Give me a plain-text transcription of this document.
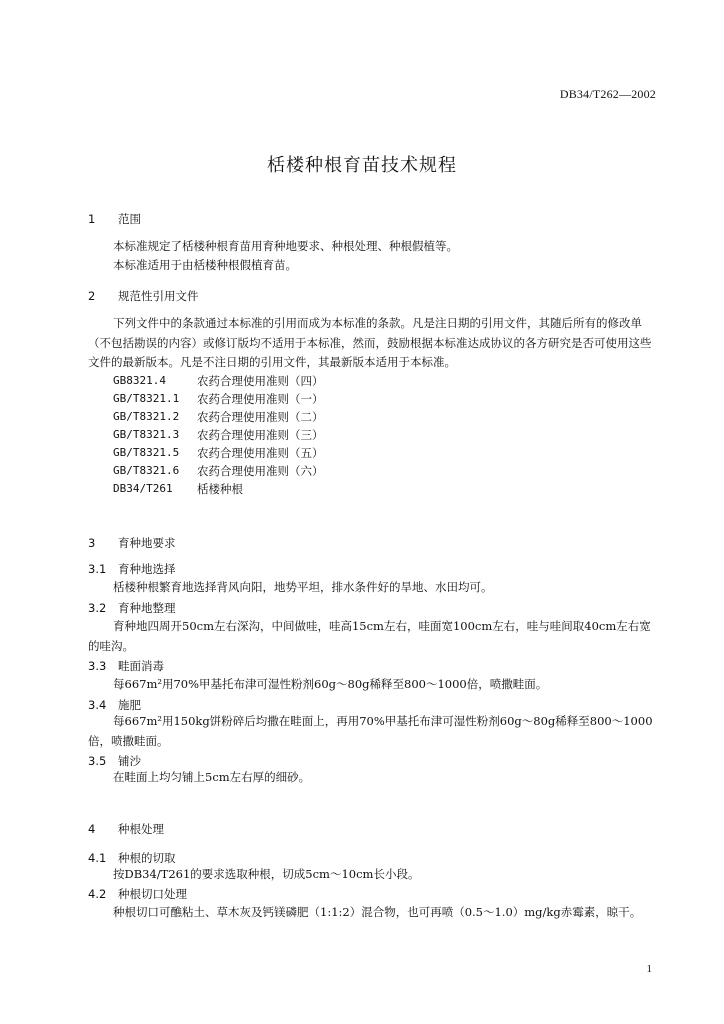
DB34/T262—2002
栝楼种根育苗技术规程
1 范围
本标准规定了栝楼种根育苗用育种地要求、种根处理、种根假植等。
本标准适用于由栝楼种根假植育苗。
2 规范性引用文件
下列文件中的条款通过本标准的引用而成为本标准的条款。凡是注日期的引用文件，其随后所有的修改单（不包括勘误的内容）或修订版均不适用于本标准，然而，鼓励根据本标准达成协议的各方研究是否可使用这些文件的最新版本。凡是不注日期的引用文件，其最新版本适用于本标准。
GB8321.4	农药合理使用准则（四）
GB/T8321.1	农药合理使用准则（一）
GB/T8321.2	农药合理使用准则（二）
GB/T8321.3	农药合理使用准则（三）
GB/T8321.5	农药合理使用准则（五）
GB/T8321.6	农药合理使用准则（六）
DB34/T261	栝楼种根
3 育种地要求
3.1 育种地选择
栝楼种根繁育地选择背风向阳，地势平坦，排水条件好的旱地、水田均可。
3.2 育种地整理
育种地四周开50cm左右深沟，中间做哇，哇高15cm左右，哇面宽100cm左右，哇与哇间取40cm左右宽的哇沟。
3.3 畦面消毒
每667m²用70%甲基托布津可湿性粉剂60g～80g稀释至800～1000倍，喷撒畦面。
3.4 施肥
每667m²用150kg饼粉碎后均撒在畦面上，再用70%甲基托布津可湿性粉剂60g～80g稀释至800～1000倍，喷撒畦面。
3.5 铺沙
在畦面上均匀铺上5cm左右厚的细砂。
4 种根处理
4.1 种根的切取
按DB34/T261的要求选取种根，切成5cm～10cm长小段。
4.2 种根切口处理
种根切口可醮粘土、草木灰及钙镁磷肥（1:1:2）混合物，也可再喷（0.5～1.0）mg/kg赤霉素，晾干。
1
